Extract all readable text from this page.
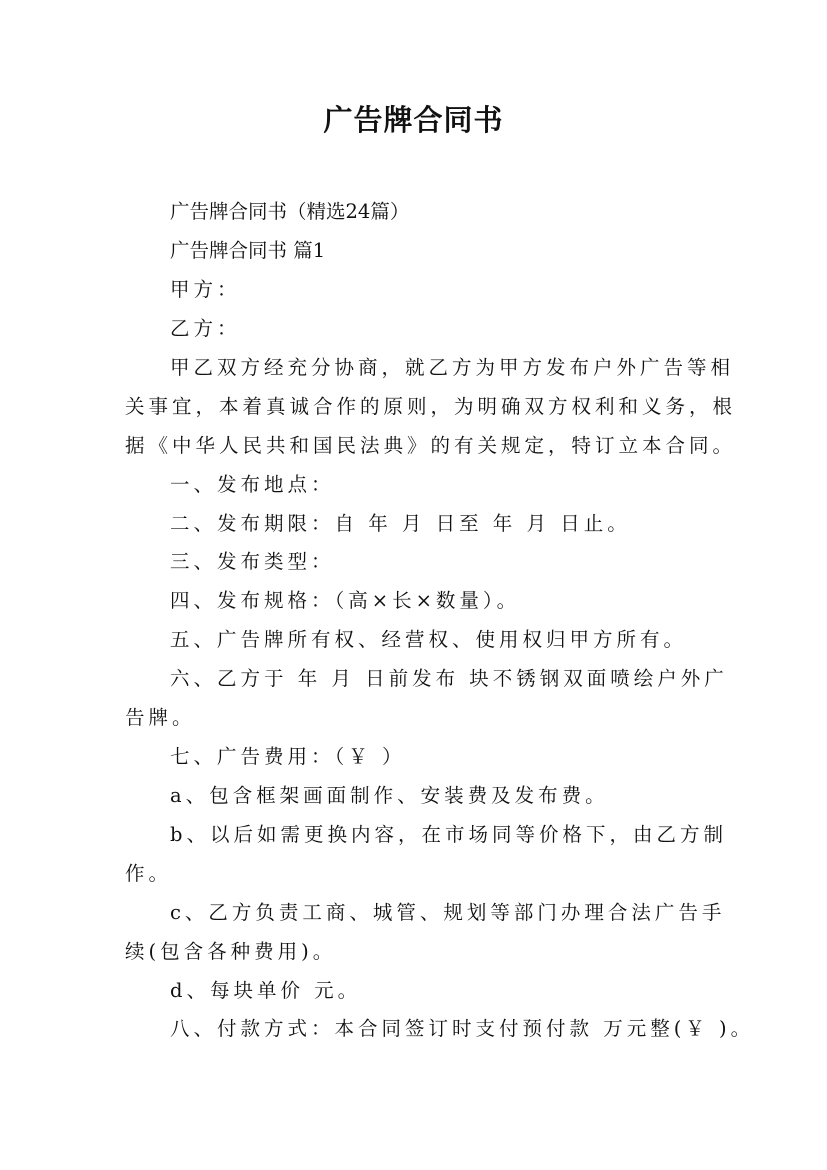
广告牌合同书

广告牌合同书（精选24篇）

广告牌合同书 篇1

甲方：

乙方：

甲乙双方经充分协商，就乙方为甲方发布户外广告等相

关事宜，本着真诚合作的原则，为明确双方权利和义务，根

据《中华人民共和国民法典》的有关规定，特订立本合同。

一、发布地点：

二、发布期限：自 年 月 日至 年 月 日止。

三、发布类型：

四、发布规格：（高×长×数量）。

五、广告牌所有权、经营权、使用权归甲方所有。

六、乙方于 年 月 日前发布 块不锈钢双面喷绘户外广

告牌。

七、广告费用：（￥ ）

a、包含框架画面制作、安装费及发布费。

b、以后如需更换内容，在市场同等价格下，由乙方制

作。

c、乙方负责工商、城管、规划等部门办理合法广告手

续(包含各种费用)。

d、每块单价 元。

八、付款方式：本合同签订时支付预付款 万元整(￥ )。
